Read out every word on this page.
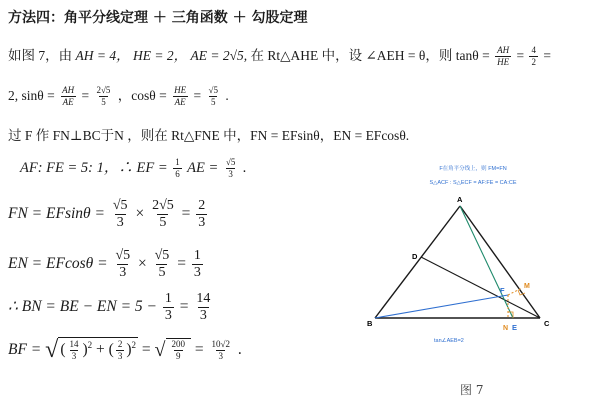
方法四：角平分线定理 ＋ 三角函数 ＋ 勾股定理
如图 7，由 AH = 4， HE = 2， AE = 2√5, 在 Rt△AHE 中，设 ∠AEH = θ，则 $\tan\theta = \frac{AH}{HE} = \frac{4}{2}$ =
2, $\sin\theta = \frac{AH}{AE} = \frac{2√5}{5}$ ，$\cos\theta = \frac{HE}{AE} = \frac{√5}{5}$ .
过 F 作 FN⊥BC于N ，则在 Rt△FNE 中，FN = EFsinθ，EN = EFcosθ.
AF: FE = 5: 1，∴ EF = $\frac{1}{6}$ AE = $\frac{√5}{3}$ .
FN = $EFsin\theta = \frac{√5}{3} \times \frac{2√5}{5} = \frac{2}{3}$
EN = $EFcos\theta = \frac{√5}{3} \times \frac{√5}{5} = \frac{1}{3}$
∴ BN = BE − EN = $5 - \frac{1}{3} = \frac{14}{3}$
BF = √( $\frac{14}{3} )^2$ + ( $\frac{2}{3} )^2$ = √ $\frac{200}{9} = \frac{10√2}{3}$ .
F在角平分线上，则 FM=FN
S△ACF : S△ECF = AF:FE = CA:CE
A
B	C
D
E
F	M
N
tan∠AEB=2
图 7
